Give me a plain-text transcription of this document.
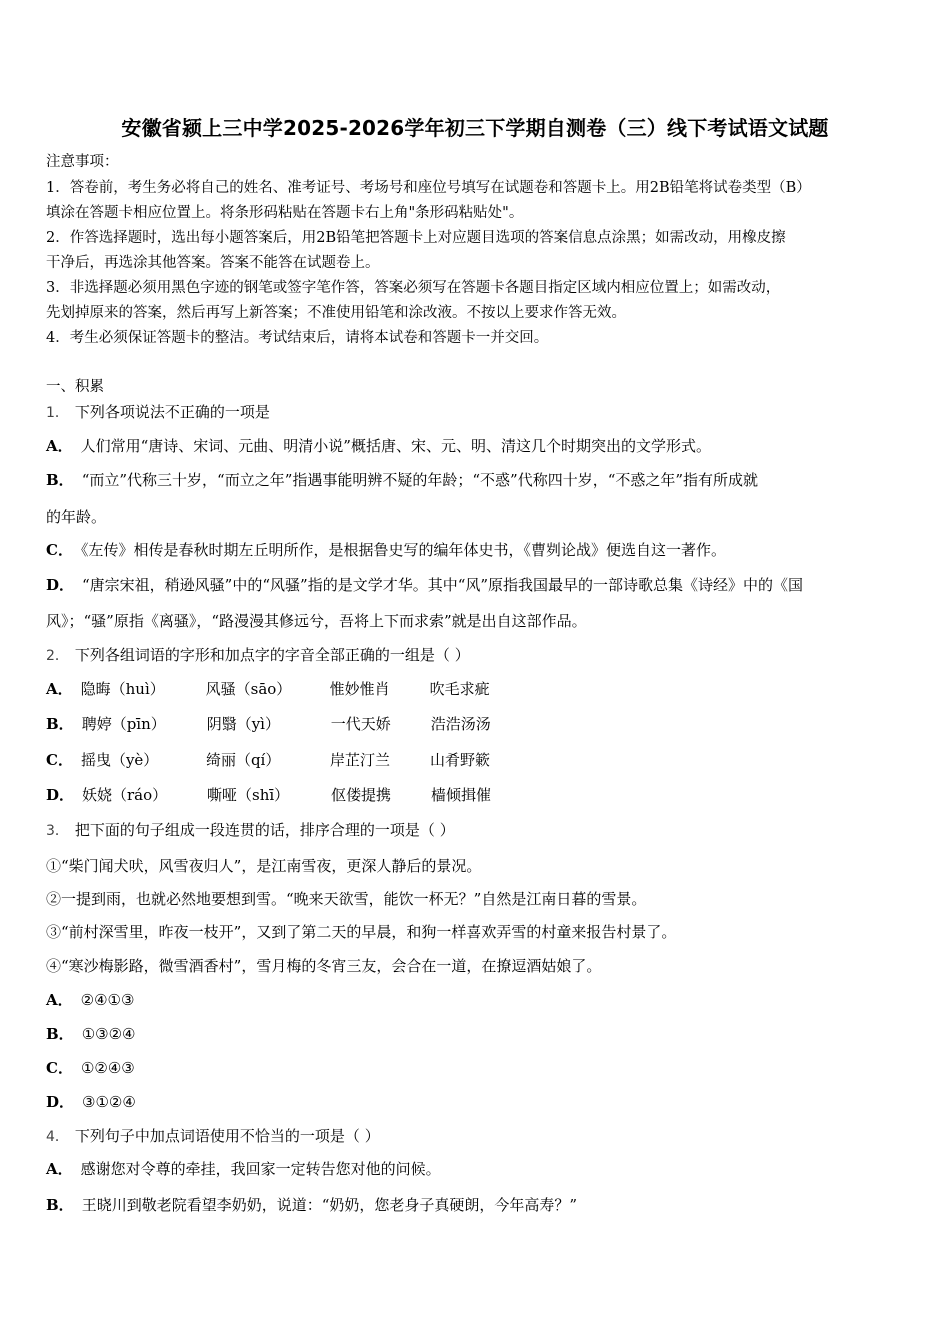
安徽省颍上三中学2025-2026学年初三下学期自测卷（三）线下考试语文试题
注意事项：
1．答卷前，考生务必将自己的姓名、准考证号、考场号和座位号填写在试题卷和答题卡上。用2B铅笔将试卷类型（B）
填涂在答题卡相应位置上。将条形码粘贴在答题卡右上角"条形码粘贴处"。
2．作答选择题时，选出每小题答案后，用2B铅笔把答题卡上对应题目选项的答案信息点涂黑；如需改动，用橡皮擦
干净后，再选涂其他答案。答案不能答在试题卷上。
3．非选择题必须用黑色字迹的钢笔或签字笔作答，答案必须写在答题卡各题目指定区域内相应位置上；如需改动，
先划掉原来的答案，然后再写上新答案；不准使用铅笔和涂改液。不按以上要求作答无效。
4．考生必须保证答题卡的整洁。考试结束后，请将本试卷和答题卡一并交回。
一、积累
1． 下列各项说法不正确的一项是
A． 人们常用“唐诗、宋词、元曲、明清小说”概括唐、宋、元、明、清这几个时期突出的文学形式。
B． “而立”代称三十岁，“而立之年”指遇事能明辨不疑的年龄；“不惑”代称四十岁，“不惑之年”指有所成就
的年龄。
C． 《左传》相传是春秋时期左丘明所作，是根据鲁史写的编年体史书，《曹刿论战》便选自这一著作。
D． “唐宗宋祖，稍逊风骚”中的“风骚”指的是文学才华。其中“风”原指我国最早的一部诗歌总集《诗经》中的《国
风》；“骚”原指《离骚》，“路漫漫其修远兮，吾将上下而求索”就是出自这部作品。
2． 下列各组词语的字形和加点字的字音全部正确的一组是（ ）
A． 隐晦（huì）	风骚（sāo）	惟妙惟肖	吹毛求疵
B． 聘婷（pīn）	阴翳（yì）	一代天娇	浩浩汤汤
C． 摇曳（yè）	绮丽（qí）	岸芷汀兰	山肴野簌
D． 妖娆（ráo）	嘶哑（shī）	伛偻提携	樯倾揖催
3． 把下面的句子组成一段连贯的话，排序合理的一项是（ ）
①“柴门闻犬吠，风雪夜归人”，是江南雪夜，更深人静后的景况。
②一提到雨，也就必然地要想到雪。“晚来天欲雪，能饮一杯无？”自然是江南日暮的雪景。
③“前村深雪里，昨夜一枝开”，又到了第二天的早晨，和狗一样喜欢弄雪的村童来报告村景了。
④“寒沙梅影路，微雪酒香村”，雪月梅的冬宵三友，会合在一道，在撩逗酒姑娘了。
A． ②④①③
B． ①③②④
C． ①②④③
D． ③①②④
4． 下列句子中加点词语使用不恰当的一项是（ ）
A． 感谢您对令尊的牵挂，我回家一定转告您对他的问候。
B． 王晓川到敬老院看望李奶奶，说道：“奶奶，您老身子真硬朗，今年高寿？”
